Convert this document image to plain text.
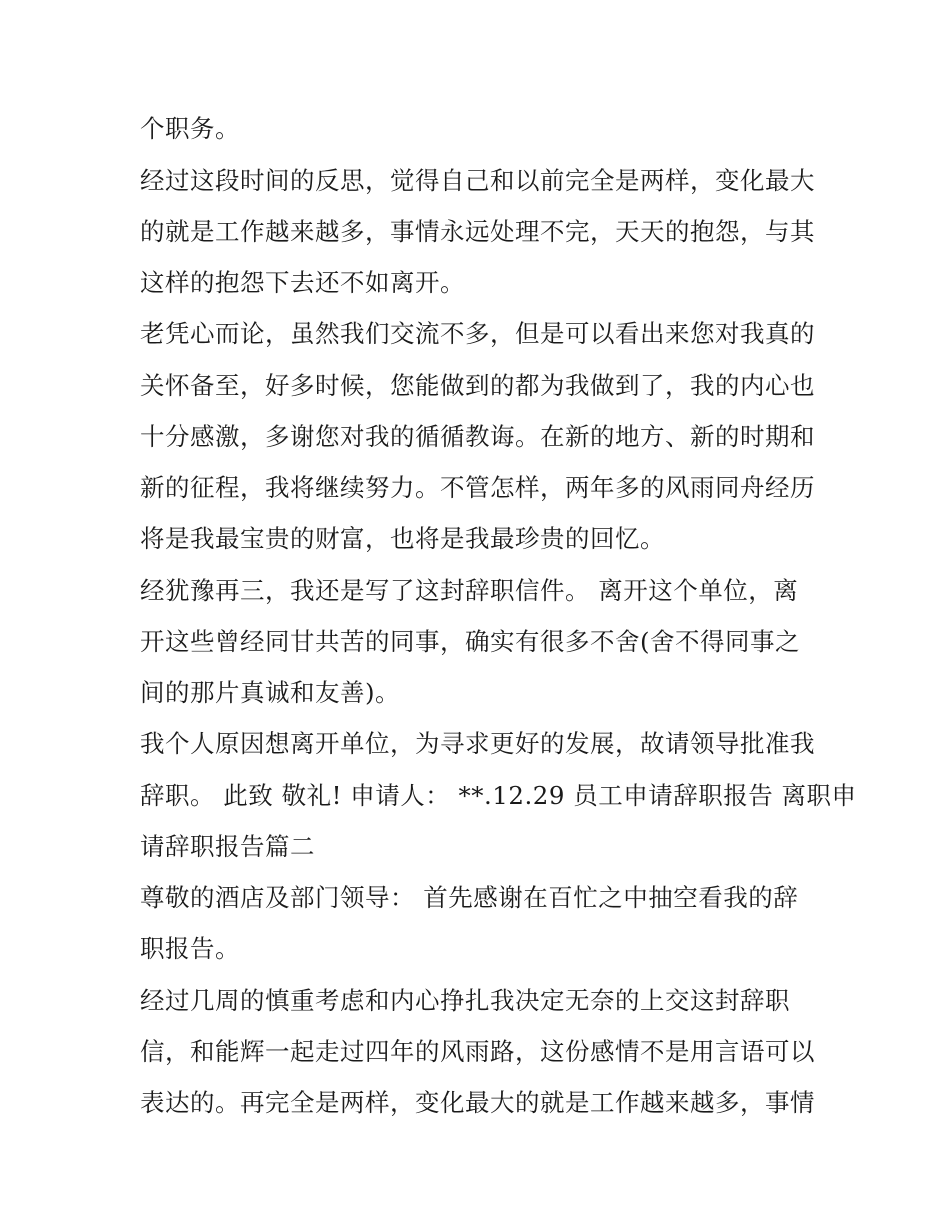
个职务。
经过这段时间的反思，觉得自己和以前完全是两样，变化最大
的就是工作越来越多，事情永远处理不完，天天的抱怨，与其
这样的抱怨下去还不如离开。
老凭心而论，虽然我们交流不多，但是可以看出来您对我真的
关怀备至，好多时候，您能做到的都为我做到了，我的内心也
十分感激，多谢您对我的循循教诲。在新的地方、新的时期和
新的征程，我将继续努力。不管怎样，两年多的风雨同舟经历
将是我最宝贵的财富，也将是我最珍贵的回忆。
经犹豫再三，我还是写了这封辞职信件。 离开这个单位，离
开这些曾经同甘共苦的同事，确实有很多不舍(舍不得同事之
间的那片真诚和友善)。
我个人原因想离开单位，为寻求更好的发展，故请领导批准我
辞职。 此致 敬礼! 申请人： **.12.29 员工申请辞职报告 离职申
请辞职报告篇二
尊敬的酒店及部门领导： 首先感谢在百忙之中抽空看我的辞
职报告。
经过几周的慎重考虑和内心挣扎我决定无奈的上交这封辞职
信，和能辉一起走过四年的风雨路，这份感情不是用言语可以
表达的。再完全是两样，变化最大的就是工作越来越多，事情
